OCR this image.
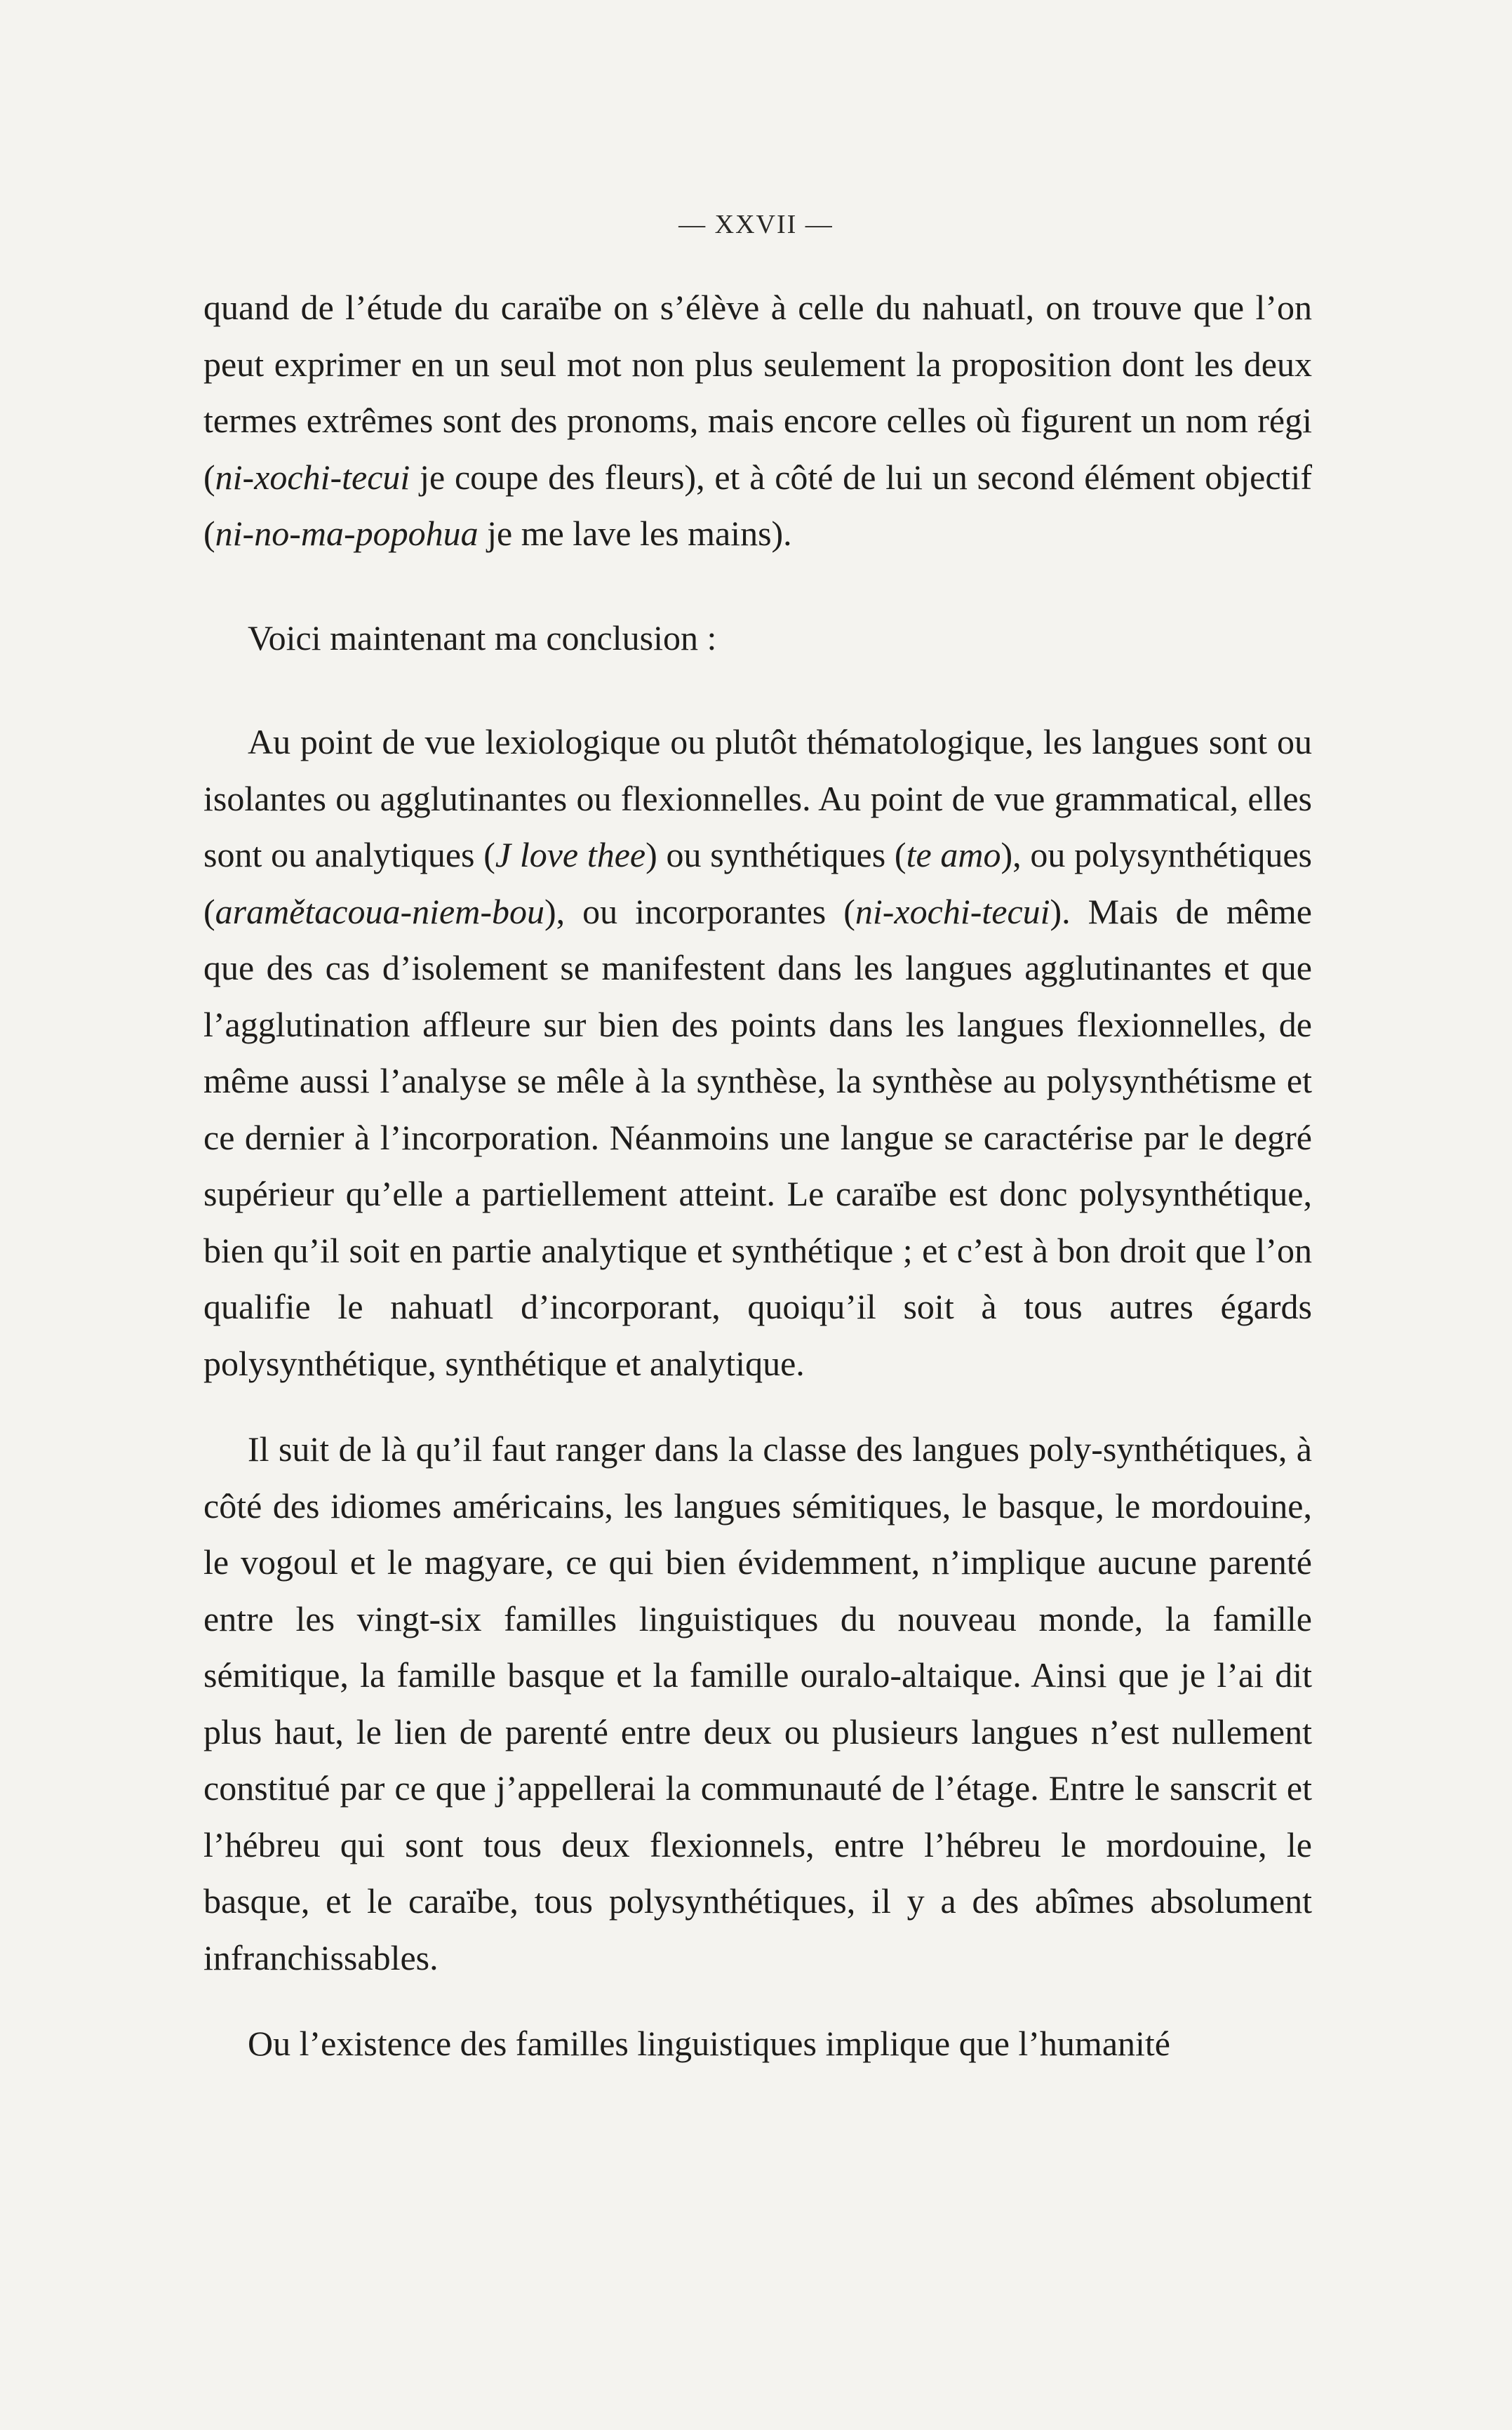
— XXVII —

quand de l’étude du caraïbe on s’élève à celle du nahuatl, on trouve que l’on peut exprimer en un seul mot non plus seulement la proposition dont les deux termes extrêmes sont des pronoms, mais encore celles où figurent un nom régi (ni-xochi-tecui je coupe des fleurs), et à côté de lui un second élément objectif (ni-no-ma-popohua je me lave les mains).

Voici maintenant ma conclusion :

Au point de vue lexiologique ou plutôt thématologique, les langues sont ou isolantes ou agglutinantes ou flexionnelles. Au point de vue grammatical, elles sont ou analytiques (J love thee) ou synthétiques (te amo), ou polysynthétiques (aramětacoua-niem-bou), ou incorporantes (ni-xochi-tecui). Mais de même que des cas d’isolement se manifestent dans les langues agglutinantes et que l’agglutination affleure sur bien des points dans les langues flexionnelles, de même aussi l’analyse se mêle à la synthèse, la synthèse au polysynthétisme et ce dernier à l’incorporation. Néanmoins une langue se caractérise par le degré supérieur qu’elle a partiellement atteint. Le caraïbe est donc polysynthétique, bien qu’il soit en partie analytique et synthétique ; et c’est à bon droit que l’on qualifie le nahuatl d’incorporant, quoiqu’il soit à tous autres égards polysynthétique, synthétique et analytique.

Il suit de là qu’il faut ranger dans la classe des langues poly-synthétiques, à côté des idiomes américains, les langues sémitiques, le basque, le mordouine, le vogoul et le magyare, ce qui bien évidemment, n’implique aucune parenté entre les vingt-six familles linguistiques du nouveau monde, la famille sémitique, la famille basque et la famille ouralo-altaique. Ainsi que je l’ai dit plus haut, le lien de parenté entre deux ou plusieurs langues n’est nullement constitué par ce que j’appellerai la communauté de l’étage. Entre le sanscrit et l’hébreu qui sont tous deux flexionnels, entre l’hébreu le mordouine, le basque, et le caraïbe, tous polysynthétiques, il y a des abîmes absolument infranchissables.

Ou l’existence des familles linguistiques implique que l’humanité
